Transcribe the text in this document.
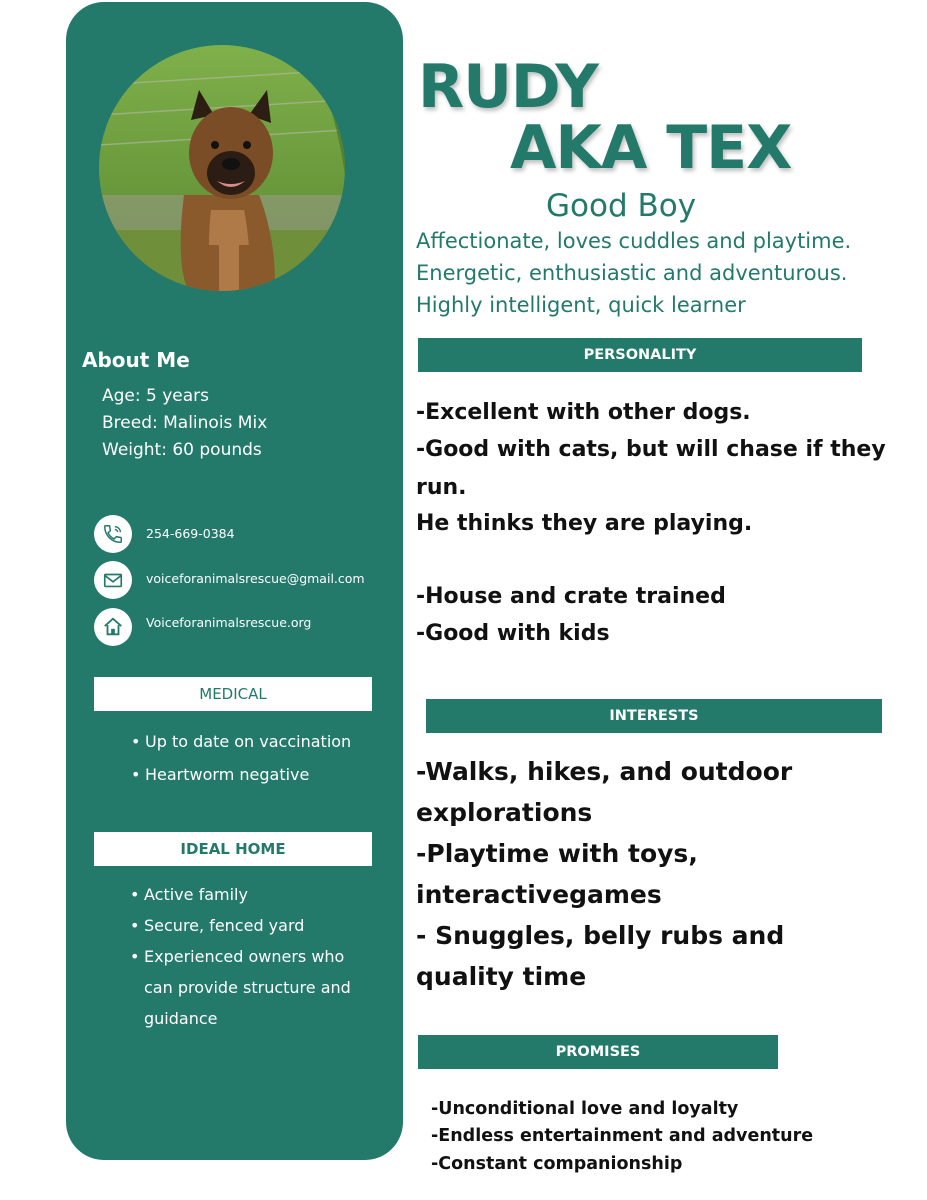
About Me
Age: 5 years
Breed: Malinois Mix
Weight: 60 pounds
254-669-0384
voiceforanimalsrescue@gmail.com
Voiceforanimalsrescue.org
MEDICAL
• Up to date on vaccination
• Heartworm negative
IDEAL HOME
• Active family
• Secure, fenced yard
• Experienced owners who
can provide structure and
guidance
RUDY
AKA TEX
Good Boy
Affectionate, loves cuddles and playtime.
Energetic, enthusiastic and adventurous.
Highly intelligent, quick learner
PERSONALITY
-Excellent with other dogs.
-Good with cats, but will chase if they
run.
He thinks they are playing.
-House and crate trained
-Good with kids
INTERESTS
-Walks, hikes, and outdoor
explorations
-Playtime with toys,
interactivegames
- Snuggles, belly rubs and
quality time
PROMISES
-Unconditional love and loyalty
-Endless entertainment and adventure
-Constant companionship
